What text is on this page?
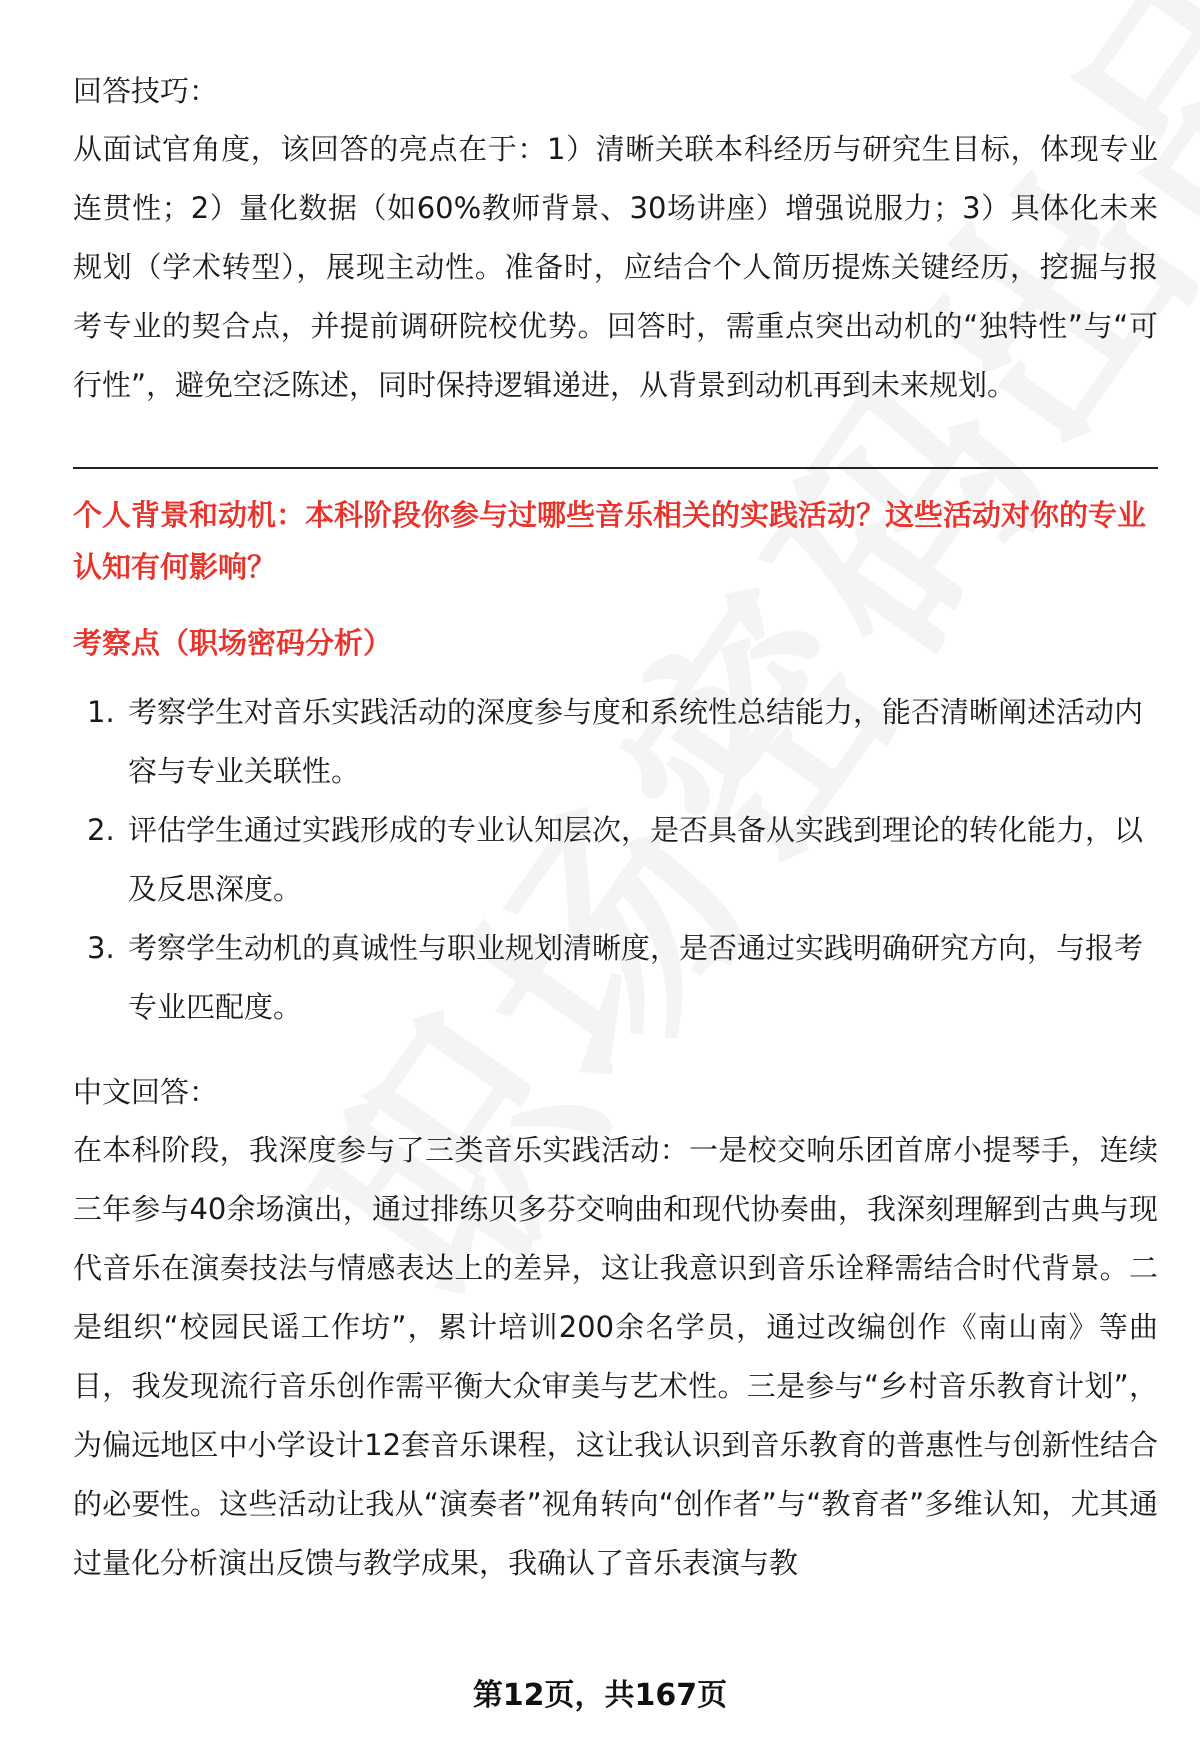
回答技巧：

从面试官角度，该回答的亮点在于：1）清晰关联本科经历与研究生目标，体现专业连贯性；2）量化数据（如60%教师背景、30场讲座）增强说服力；3）具体化未来规划（学术转型），展现主动性。准备时，应结合个人简历提炼关键经历，挖掘与报考专业的契合点，并提前调研院校优势。回答时，需重点突出动机的“独特性”与“可行性”，避免空泛陈述，同时保持逻辑递进，从背景到动机再到未来规划。

个人背景和动机：本科阶段你参与过哪些音乐相关的实践活动？这些活动对你的专业认知有何影响？

考察点（职场密码分析）

1. 考察学生对音乐实践活动的深度参与度和系统性总结能力，能否清晰阐述活动内容与专业关联性。
2. 评估学生通过实践形成的专业认知层次，是否具备从实践到理论的转化能力，以及反思深度。
3. 考察学生动机的真诚性与职业规划清晰度，是否通过实践明确研究方向，与报考专业匹配度。

中文回答：

在本科阶段，我深度参与了三类音乐实践活动：一是校交响乐团首席小提琴手，连续三年参与40余场演出，通过排练贝多芬交响曲和现代协奏曲，我深刻理解到古典与现代音乐在演奏技法与情感表达上的差异，这让我意识到音乐诠释需结合时代背景。二是组织“校园民谣工作坊”，累计培训200余名学员，通过改编创作《南山南》等曲目，我发现流行音乐创作需平衡大众审美与艺术性。三是参与“乡村音乐教育计划”，为偏远地区中小学设计12套音乐课程，这让我认识到音乐教育的普惠性与创新性结合的必要性。这些活动让我从“演奏者”视角转向“创作者”与“教育者”多维认知，尤其通过量化分析演出反馈与教学成果，我确认了音乐表演与教

第12页，共167页
